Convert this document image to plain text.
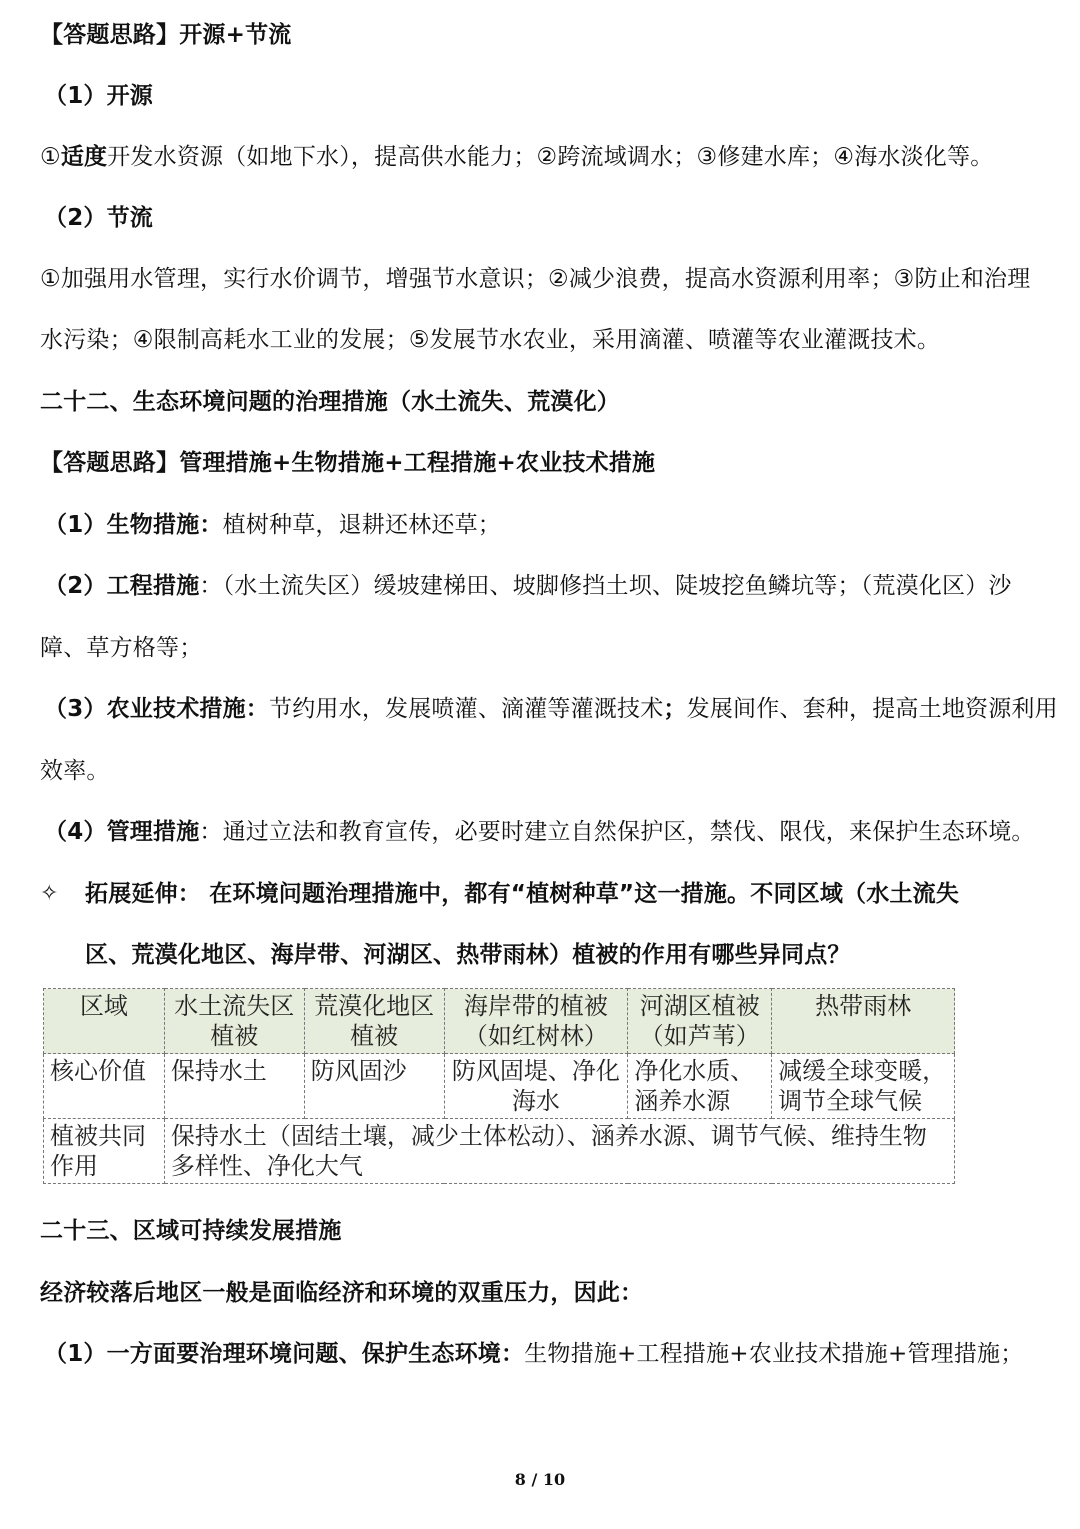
【答题思路】开源+节流
（1）开源
①适度开发水资源（如地下水），提高供水能力；②跨流域调水；③修建水库；④海水淡化等。
（2）节流
①加强用水管理，实行水价调节，增强节水意识；②减少浪费，提高水资源利用率；③防止和治理
水污染；④限制高耗水工业的发展；⑤发展节水农业，采用滴灌、喷灌等农业灌溉技术。
二十二、生态环境问题的治理措施（水土流失、荒漠化）
【答题思路】管理措施+生物措施+工程措施+农业技术措施
（1）生物措施：植树种草，退耕还林还草；
（2）工程措施：（水土流失区）缓坡建梯田、坡脚修挡土坝、陡坡挖鱼鳞坑等；（荒漠化区）沙
障、草方格等；
（3）农业技术措施：节约用水，发展喷灌、滴灌等灌溉技术；发展间作、套种，提高土地资源利用
效率。
（4）管理措施：通过立法和教育宣传，必要时建立自然保护区，禁伐、限伐，来保护生态环境。
✧ 拓展延伸： 在环境问题治理措施中，都有“植树种草”这一措施。不同区域（水土流失
区、荒漠化地区、海岸带、河湖区、热带雨林）植被的作用有哪些异同点？
区域	水土流失区植被	荒漠化地区植被	海岸带的植被（如红树林）	河湖区植被（如芦苇）	热带雨林
核心价值	保持水土	防风固沙	防风固堤、净化海水	净化水质、涵养水源	减缓全球变暖，调节全球气候
植被共同作用	保持水土（固结土壤，减少土体松动）、涵养水源、调节气候、维持生物多样性、净化大气				
二十三、区域可持续发展措施
经济较落后地区一般是面临经济和环境的双重压力，因此：
（1）一方面要治理环境问题、保护生态环境：生物措施+工程措施+农业技术措施+管理措施；
8 / 10
